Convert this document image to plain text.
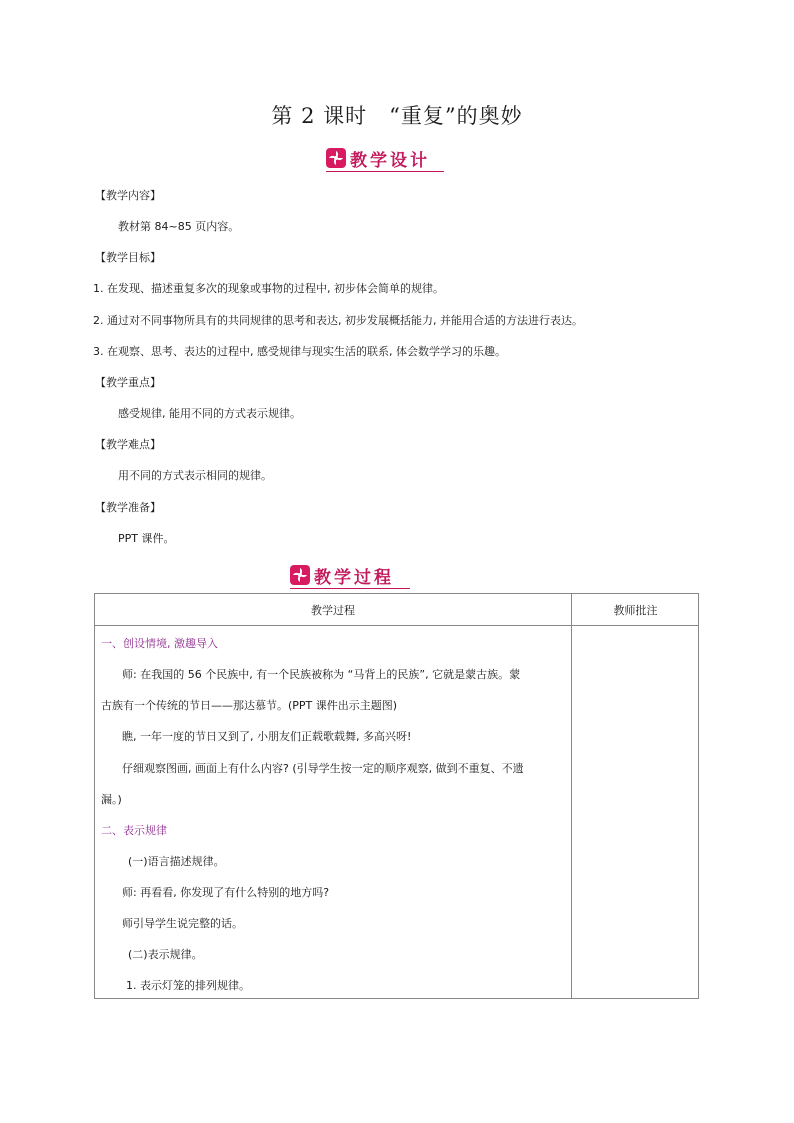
第 2 课时　“重复”的奥妙
教学设计
【教学内容】
教材第 84~85 页内容。
【教学目标】
1. 在发现、描述重复多次的现象或事物的过程中, 初步体会简单的规律。
2. 通过对不同事物所具有的共同规律的思考和表达, 初步发展概括能力, 并能用合适的方法进行表达。
3. 在观察、思考、表达的过程中, 感受规律与现实生活的联系, 体会数学学习的乐趣。
【教学重点】
感受规律, 能用不同的方式表示规律。
【教学难点】
用不同的方式表示相同的规律。
【教学准备】
PPT 课件。
教学过程
教学过程	教师批注
一、创设情境, 激趣导入
师: 在我国的 56 个民族中, 有一个民族被称为 “马背上的民族”, 它就是蒙古族。蒙
古族有一个传统的节日——那达慕节。(PPT 课件出示主题图)
瞧, 一年一度的节日又到了, 小朋友们正载歌载舞, 多高兴呀!
仔细观察图画, 画面上有什么内容? (引导学生按一定的顺序观察, 做到不重复、不遗
漏。)
二、表示规律
(一)语言描述规律。
师: 再看看, 你发现了有什么特别的地方吗?
师引导学生说完整的话。
(二)表示规律。
1. 表示灯笼的排列规律。
